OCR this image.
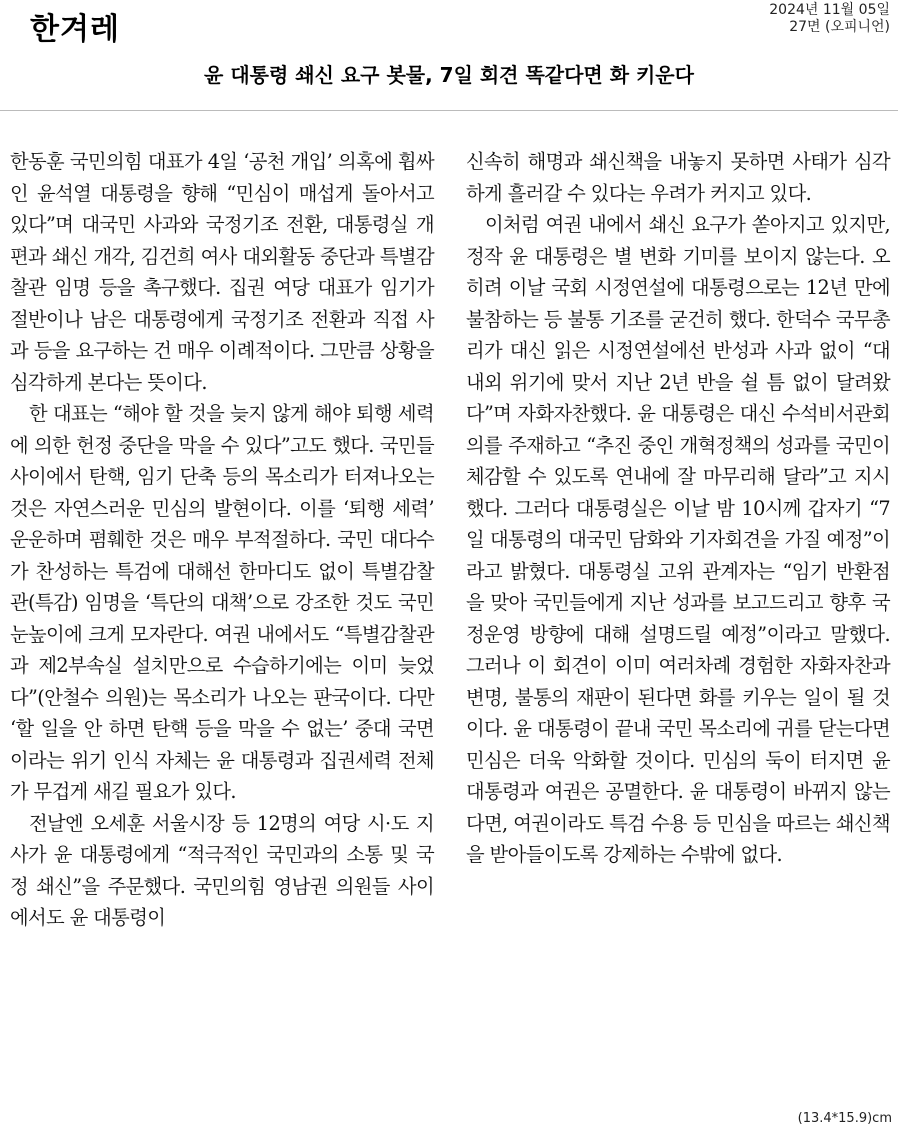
한겨레
2024년 11월 05일
27면 (오피니언)
윤 대통령 쇄신 요구 봇물, 7일 회견 똑같다면 화 키운다

한동훈 국민의힘 대표가 4일 ‘공천 개입’ 의혹에 휩싸인 윤석열 대통령을 향해 “민심이 매섭게 돌아서고 있다”며 대국민 사과와 국정기조 전환, 대통령실 개편과 쇄신 개각, 김건희 여사 대외활동 중단과 특별감찰관 임명 등을 촉구했다. 집권 여당 대표가 임기가 절반이나 남은 대통령에게 국정기조 전환과 직접 사과 등을 요구하는 건 매우 이례적이다. 그만큼 상황을 심각하게 본다는 뜻이다.

한 대표는 “해야 할 것을 늦지 않게 해야 퇴행 세력에 의한 헌정 중단을 막을 수 있다”고도 했다. 국민들 사이에서 탄핵, 임기 단축 등의 목소리가 터져나오는 것은 자연스러운 민심의 발현이다. 이를 ‘퇴행 세력’ 운운하며 폄훼한 것은 매우 부적절하다. 국민 대다수가 찬성하는 특검에 대해선 한마디도 없이 특별감찰관(특감) 임명을 ‘특단의 대책’으로 강조한 것도 국민 눈높이에 크게 모자란다. 여권 내에서도 “특별감찰관과 제2부속실 설치만으로 수습하기에는 이미 늦었다”(안철수 의원)는 목소리가 나오는 판국이다. 다만 ‘할 일을 안 하면 탄핵 등을 막을 수 없는’ 중대 국면이라는 위기 인식 자체는 윤 대통령과 집권세력 전체가 무겁게 새길 필요가 있다.

전날엔 오세훈 서울시장 등 12명의 여당 시·도 지사가 윤 대통령에게 “적극적인 국민과의 소통 및 국정 쇄신”을 주문했다. 국민의힘 영남권 의원들 사이에서도 윤 대통령이

신속히 해명과 쇄신책을 내놓지 못하면 사태가 심각하게 흘러갈 수 있다는 우려가 커지고 있다.

이처럼 여권 내에서 쇄신 요구가 쏟아지고 있지만, 정작 윤 대통령은 별 변화 기미를 보이지 않는다. 오히려 이날 국회 시정연설에 대통령으로는 12년 만에 불참하는 등 불통 기조를 굳건히 했다. 한덕수 국무총리가 대신 읽은 시정연설에선 반성과 사과 없이 “대내외 위기에 맞서 지난 2년 반을 쉴 틈 없이 달려왔다”며 자화자찬했다. 윤 대통령은 대신 수석비서관회의를 주재하고 “추진 중인 개혁정책의 성과를 국민이 체감할 수 있도록 연내에 잘 마무리해 달라”고 지시했다. 그러다 대통령실은 이날 밤 10시께 갑자기 “7일 대통령의 대국민 담화와 기자회견을 가질 예정”이라고 밝혔다. 대통령실 고위 관계자는 “임기 반환점을 맞아 국민들에게 지난 성과를 보고드리고 향후 국정운영 방향에 대해 설명드릴 예정”이라고 말했다. 그러나 이 회견이 이미 여러차례 경험한 자화자찬과 변명, 불통의 재판이 된다면 화를 키우는 일이 될 것이다. 윤 대통령이 끝내 국민 목소리에 귀를 닫는다면 민심은 더욱 악화할 것이다. 민심의 둑이 터지면 윤 대통령과 여권은 공멸한다. 윤 대통령이 바뀌지 않는다면, 여권이라도 특검 수용 등 민심을 따르는 쇄신책을 받아들이도록 강제하는 수밖에 없다.

(13.4*15.9)cm
